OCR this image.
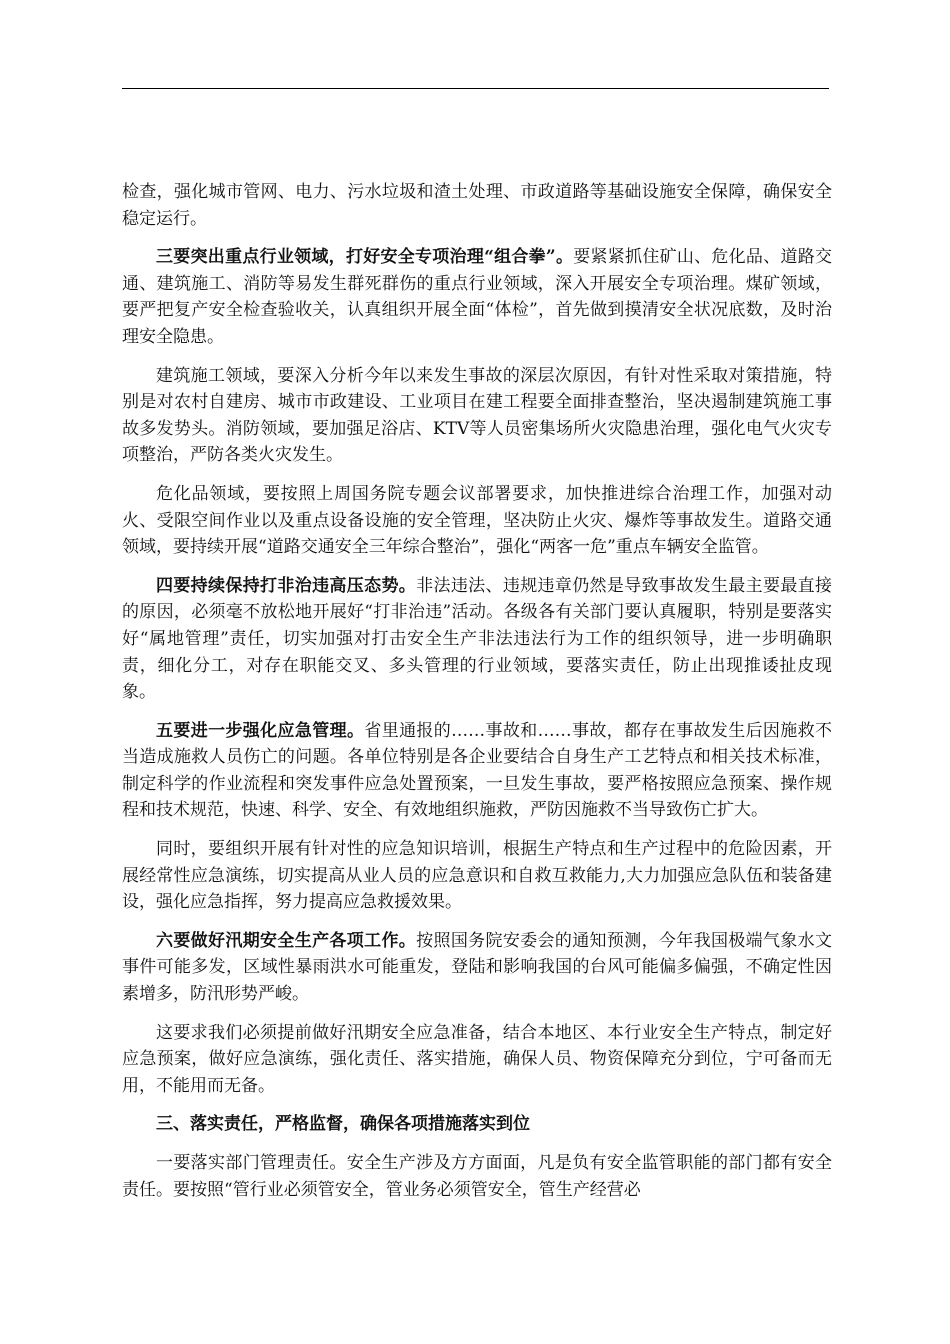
检查，强化城市管网、电力、污水垃圾和渣土处理、市政道路等基础设施安全保障，确保安全稳定运行。

三要突出重点行业领域，打好安全专项治理“组合拳”。要紧紧抓住矿山、危化品、道路交通、建筑施工、消防等易发生群死群伤的重点行业领域，深入开展安全专项治理。煤矿领域，要严把复产安全检查验收关，认真组织开展全面“体检”，首先做到摸清安全状况底数，及时治理安全隐患。

建筑施工领域，要深入分析今年以来发生事故的深层次原因，有针对性采取对策措施，特别是对农村自建房、城市市政建设、工业项目在建工程要全面排查整治，坚决遏制建筑施工事故多发势头。消防领域，要加强足浴店、KTV等人员密集场所火灾隐患治理，强化电气火灾专项整治，严防各类火灾发生。

危化品领域，要按照上周国务院专题会议部署要求，加快推进综合治理工作，加强对动火、受限空间作业以及重点设备设施的安全管理，坚决防止火灾、爆炸等事故发生。道路交通领域，要持续开展“道路交通安全三年综合整治”，强化“两客一危”重点车辆安全监管。

四要持续保持打非治违高压态势。非法违法、违规违章仍然是导致事故发生最主要最直接的原因，必须毫不放松地开展好“打非治违”活动。各级各有关部门要认真履职，特别是要落实好“属地管理”责任，切实加强对打击安全生产非法违法行为工作的组织领导，进一步明确职责，细化分工，对存在职能交叉、多头管理的行业领域，要落实责任，防止出现推诿扯皮现象。

五要进一步强化应急管理。省里通报的……事故和……事故，都存在事故发生后因施救不当造成施救人员伤亡的问题。各单位特别是各企业要结合自身生产工艺特点和相关技术标准，制定科学的作业流程和突发事件应急处置预案，一旦发生事故，要严格按照应急预案、操作规程和技术规范，快速、科学、安全、有效地组织施救，严防因施救不当导致伤亡扩大。

同时，要组织开展有针对性的应急知识培训，根据生产特点和生产过程中的危险因素，开展经常性应急演练，切实提高从业人员的应急意识和自救互救能力,大力加强应急队伍和装备建设，强化应急指挥，努力提高应急救援效果。

六要做好汛期安全生产各项工作。按照国务院安委会的通知预测，今年我国极端气象水文事件可能多发，区域性暴雨洪水可能重发，登陆和影响我国的台风可能偏多偏强，不确定性因素增多，防汛形势严峻。

这要求我们必须提前做好汛期安全应急准备，结合本地区、本行业安全生产特点，制定好应急预案，做好应急演练，强化责任、落实措施，确保人员、物资保障充分到位，宁可备而无用，不能用而无备。

三、落实责任，严格监督，确保各项措施落实到位

一要落实部门管理责任。安全生产涉及方方面面，凡是负有安全监管职能的部门都有安全责任。要按照“管行业必须管安全，管业务必须管安全，管生产经营必
